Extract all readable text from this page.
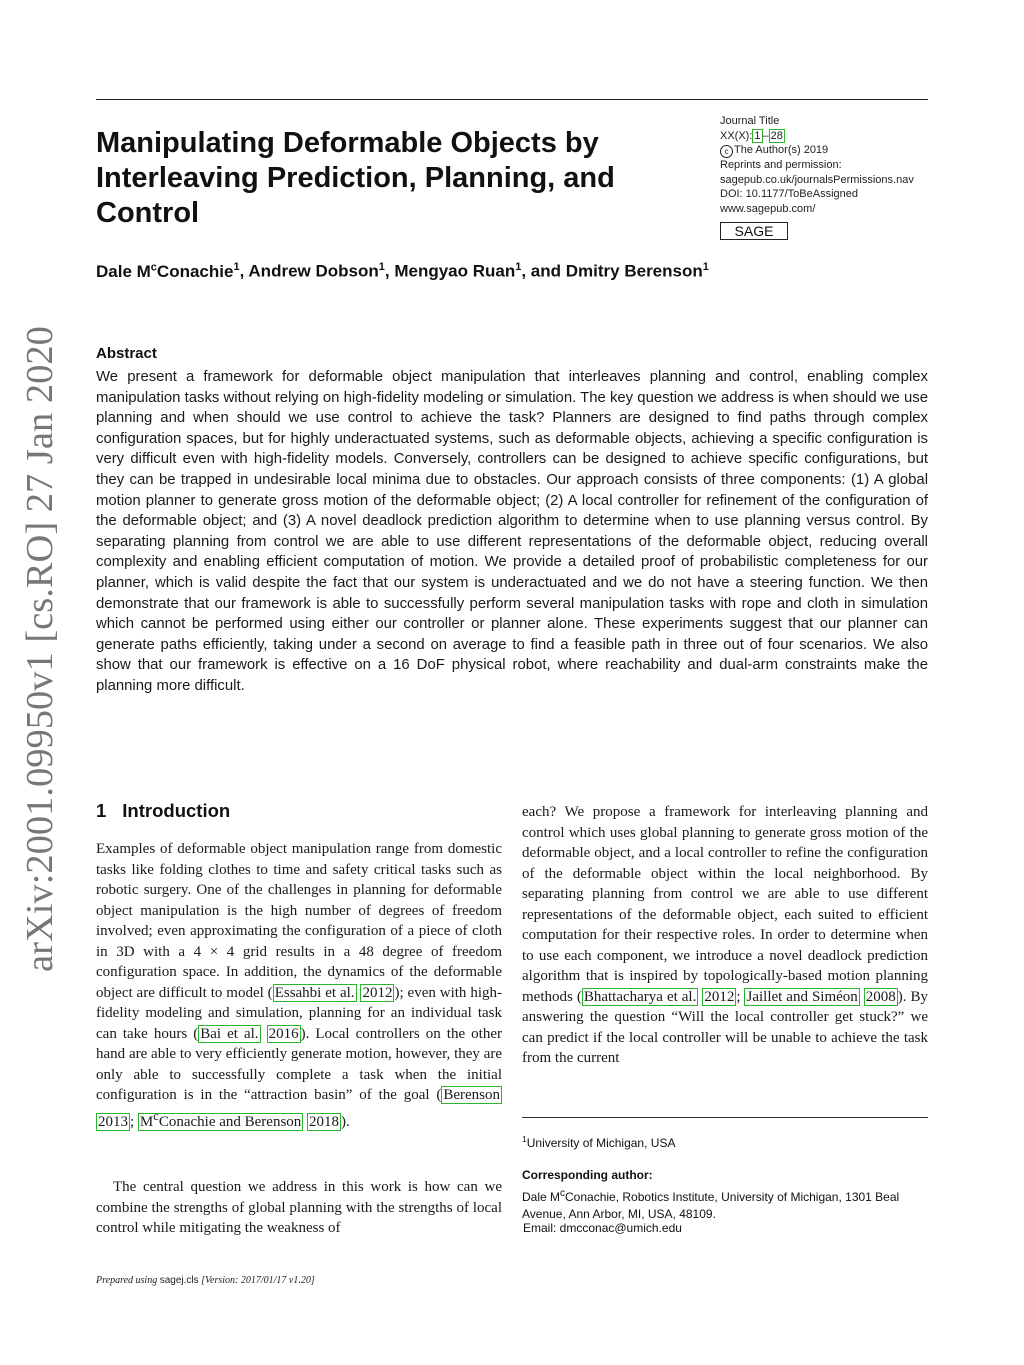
Manipulating Deformable Objects by Interleaving Prediction, Planning, and Control
Journal Title
XX(X): 1 – 28
c The Author(s) 2019
Reprints and permission:
sagepub.co.uk/journalsPermissions.nav
DOI: 10.1177/ToBeAssigned
www.sagepub.com/
SAGE
Dale $M^cConachie^1$, Andrew Dobson$^1$, Mengyao Ruan$^1$, and Dmitry Berenson$^1$
Abstract

We present a framework for deformable object manipulation that interleaves planning and control, enabling complex manipulation tasks without relying on high-fidelity modeling or simulation. The key question we address is when should we use planning and when should we use control to achieve the task? Planners are designed to find paths through complex configuration spaces, but for highly underactuated systems, such as deformable objects, achieving a specific configuration is very difficult even with high-fidelity models. Conversely, controllers can be designed to achieve specific configurations, but they can be trapped in undesirable local minima due to obstacles. Our approach consists of three components: (1) A global motion planner to generate gross motion of the deformable object; (2) A local controller for refinement of the configuration of the deformable object; and (3) A novel deadlock prediction algorithm to determine when to use planning versus control. By separating planning from control we are able to use different representations of the deformable object, reducing overall complexity and enabling efficient computation of motion. We provide a detailed proof of probabilistic completeness for our planner, which is valid despite the fact that our system is underactuated and we do not have a steering function. We then demonstrate that our framework is able to successfully perform several manipulation tasks with rope and cloth in simulation which cannot be performed using either our controller or planner alone. These experiments suggest that our planner can generate paths efficiently, taking under a second on average to find a feasible path in three out of four scenarios. We also show that our framework is effective on a 16 DoF physical robot, where reachability and dual-arm constraints make the planning more difficult.

arXiv:2001.09950v1 [cs.RO] 27 Jan 2020	1 Introduction

Examples of deformable object manipulation range from domestic tasks like folding clothes to time and safety critical tasks such as robotic surgery. One of the challenges in planning for deformable object manipulation is the high number of degrees of freedom involved; even approximating the configuration of a piece of cloth in 3D with a 4 × 4 grid results in a 48 degree of freedom configuration space. In addition, the dynamics of the deformable object are difficult to model ( Essahbi et al. 2012 ); even with high-fidelity modeling and simulation, planning for an individual task can take hours ( Bai et al. 2016 ). Local controllers on the other hand are able to very efficiently generate motion, however, they are only able to successfully complete a task when the initial configuration is in the “attraction basin” of the goal ( Berenson 2013 ; $M^cConachie$ and Berenson 2018 ).

The central question we address in this work is how can we combine the strengths of global planning with the strengths of local control while mitigating the weakness of

each? We propose a framework for interleaving planning and control which uses global planning to generate gross motion of the deformable object, and a local controller to refine the configuration of the deformable object within the local neighborhood. By separating planning from control we are able to use different representations of the deformable object, each suited to efficient computation for their respective roles. In order to determine when to use each component, we introduce a novel deadlock prediction algorithm that is inspired by topologically-based motion planning methods ( Bhattacharya et al. 2012 ; Jaillet and Siméon 2008 ). By answering the question “Will the local controller get stuck?” we can predict if the local controller will be unable to achieve the task from the current

$^1$University of Michigan, USA
Corresponding author:

Dale $M^cConachie$, Robotics Institute, University of Michigan, 1301 Beal Avenue, Ann Arbor, MI, USA, 48109.

Email: dmcconac@umich.edu
Prepared using sagej.cls [Version: 2017/01/17 v1.20]
